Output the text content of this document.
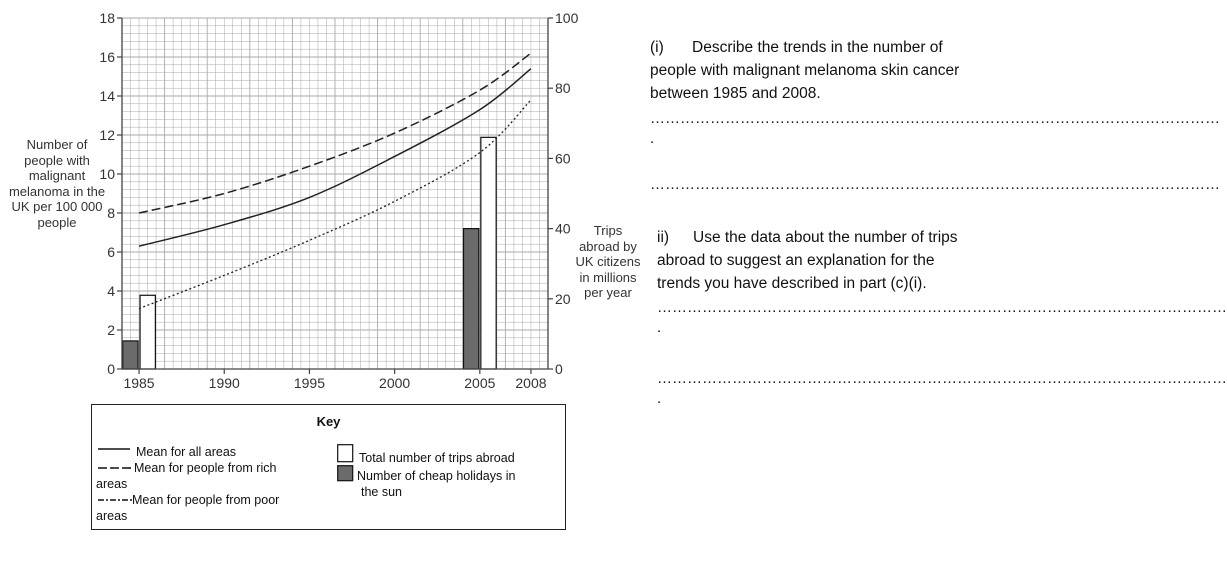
0
2
4
6
8
10
12
14
16
18
0
20
40
60
80
100
1985	1990	1995	2000	2005 2008
Number of people with malignant melanoma in the UK per 100 000 people
Trips abroad by UK citizens in millions per year
Key
Mean for all areas
Mean for people from rich
areas
Mean for people from poor
areas
Total number of trips abroad
Number of cheap holidays in
the sun
(i) Describe the trends in the number of
people with malignant melanoma skin cancer
between 1985 and 2008.
……………………………………………………………………………………………………
.
……………………………………………………………………………………………………
ii) Use the data about the number of trips
abroad to suggest an explanation for the
trends you have described in part (c)(i).
……………………………………………………………………………………………………
.
……………………………………………………………………………………………………
.
